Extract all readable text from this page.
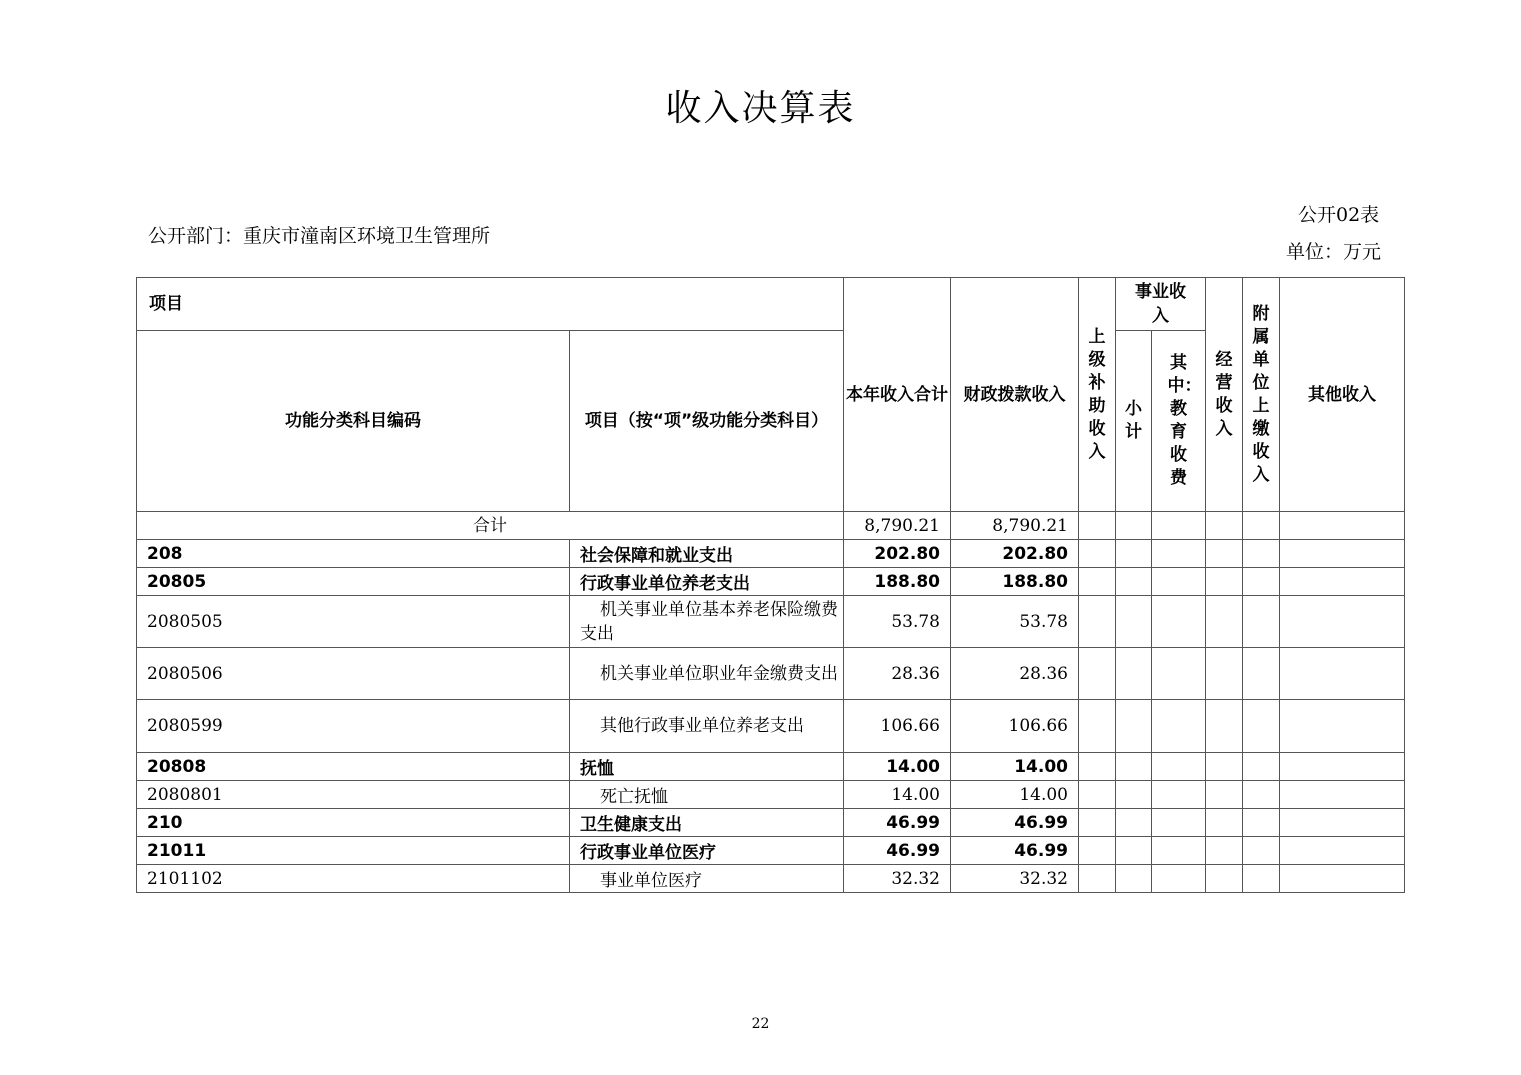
收入决算表
公开02表
公开部门：重庆市潼南区环境卫生管理所
单位：万元
项目		本年收入合计	财政拨款收入	上级补助收入	事业收入		经营收入	附属单位上缴收入	其他收入
功能分类科目编码	项目（按“项”级功能分类科目）				小计	其中：教育收费			

合计		8,790.21	8,790.21						
208	社会保障和就业支出	202.80	202.80						
20805	行政事业单位养老支出	188.80	188.80						
2080505	机关事业单位基本养老保险缴费支出	53.78	53.78						
2080506	机关事业单位职业年金缴费支出	28.36	28.36						
2080599	其他行政事业单位养老支出	106.66	106.66						
20808	抚恤	14.00	14.00						
2080801	死亡抚恤	14.00	14.00						
210	卫生健康支出	46.99	46.99						
21011	行政事业单位医疗	46.99	46.99						
2101102	事业单位医疗	32.32	32.32						
22
